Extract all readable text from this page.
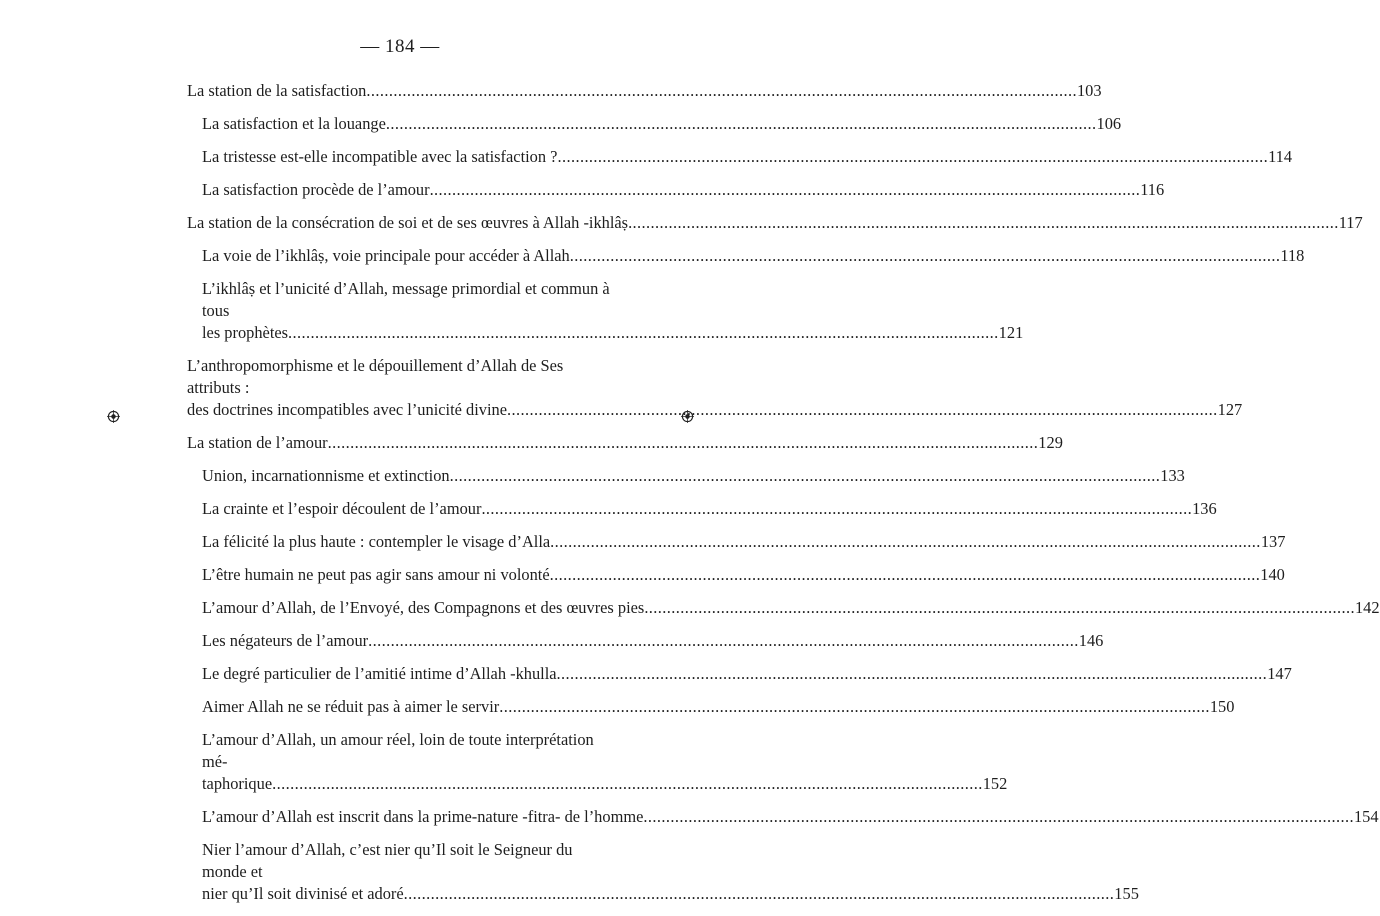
— 184 —
La station de la satisfaction .....	103
La satisfaction et la louange .....	106
La tristesse est-elle incompatible avec la satisfaction ? .....	114
La satisfaction procède de l’amour .....	116
La station de la consécration de soi et de ses œuvres à Allah -ikhlâṣ .....	117
La voie de l’ikhlâṣ, voie principale pour accéder à Allah .....	118
L’ikhlâṣ et l’unicité d’Allah, message primordial et commun à tous
les prophètes .....	121
L’anthropomorphisme et le dépouillement d’Allah de Ses attributs :
des doctrines incompatibles avec l’unicité divine .....	127
La station de l’amour .....	129
Union, incarnationnisme et extinction .....	133
La crainte et l’espoir découlent de l’amour .....	136
La félicité la plus haute : contempler le visage d’Alla .....	137
L’être humain ne peut pas agir sans amour ni volonté .....	140
L’amour d’Allah, de l’Envoyé, des Compagnons et des œuvres pies .....	142
Les négateurs de l’amour .....	146
Le degré particulier de l’amitié intime d’Allah -khulla .....	147
Aimer Allah ne se réduit pas à aimer le servir .....	150
L’amour d’Allah, un amour réel, loin de toute interprétation mé-
taphorique .....	152
L’amour d’Allah est inscrit dans la prime-nature -fitra- de l’homme .....	154
Nier l’amour d’Allah, c’est nier qu’Il soit le Seigneur du monde et
nier qu’Il soit divinisé et adoré .....	155
